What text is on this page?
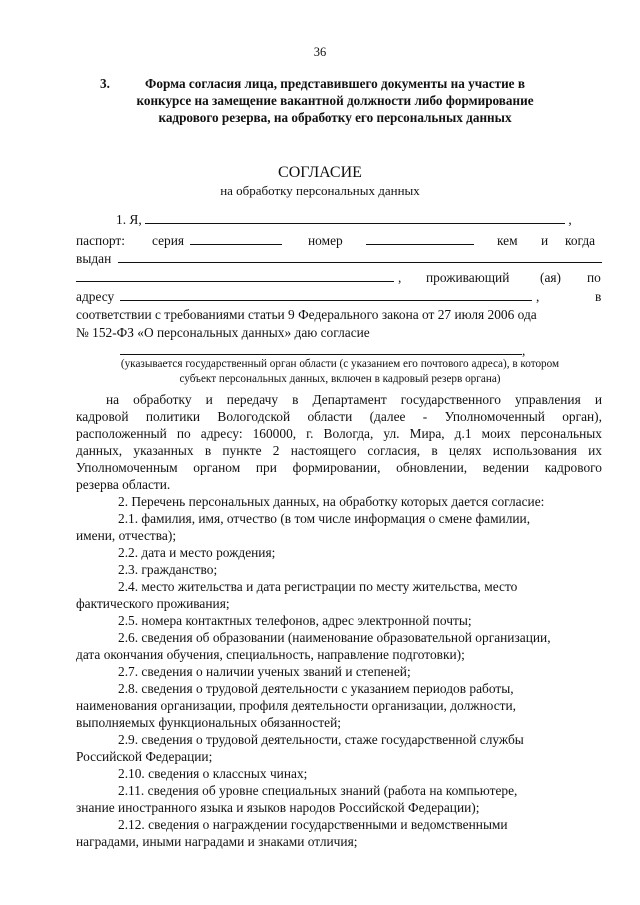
36
3.	Форма согласия лица, представившего документы на участие в
конкурсе на замещение вакантной должности либо формирование
кадрового резерва, на обработку его персональных данных
СОГЛАСИЕ
на обработку персональных данных
1. Я,	,
паспорт: серия	номер	кем и когда
выдан
, проживающий (ая) по
адресу	,	в
соответствии с требованиями статьи 9 Федерального закона от 27 июля 2006 ода
№ 152-ФЗ «О персональных данных» даю согласие
,
(указывается государственный орган области (с указанием его почтового адреса), в котором
субъект персональных данных, включен в кадровый резерв органа)
на обработку и передачу в Департамент государственного управления и
кадровой политики Вологодской области (далее - Уполномоченный орган),
расположенный по адресу: 160000, г. Вологда, ул. Мира, д.1 моих персональных
данных, указанных в пункте 2 настоящего согласия, в целях использования их
Уполномоченным органом при формировании, обновлении, ведении кадрового
резерва области.
2. Перечень персональных данных, на обработку которых дается согласие:
2.1. фамилия, имя, отчество (в том числе информация о смене фамилии,
имени, отчества);
2.2. дата и место рождения;
2.3. гражданство;
2.4. место жительства и дата регистрации по месту жительства, место
фактического проживания;
2.5. номера контактных телефонов, адрес электронной почты;
2.6. сведения об образовании (наименование образовательной организации,
дата окончания обучения, специальность, направление подготовки);
2.7. сведения о наличии ученых званий и степеней;
2.8. сведения о трудовой деятельности с указанием периодов работы,
наименования организации, профиля деятельности организации, должности,
выполняемых функциональных обязанностей;
2.9. сведения о трудовой деятельности, стаже государственной службы
Российской Федерации;
2.10. сведения о классных чинах;
2.11. сведения об уровне специальных знаний (работа на компьютере,
знание иностранного языка и языков народов Российской Федерации);
2.12. сведения о награждении государственными и ведомственными
наградами, иными наградами и знаками отличия;
